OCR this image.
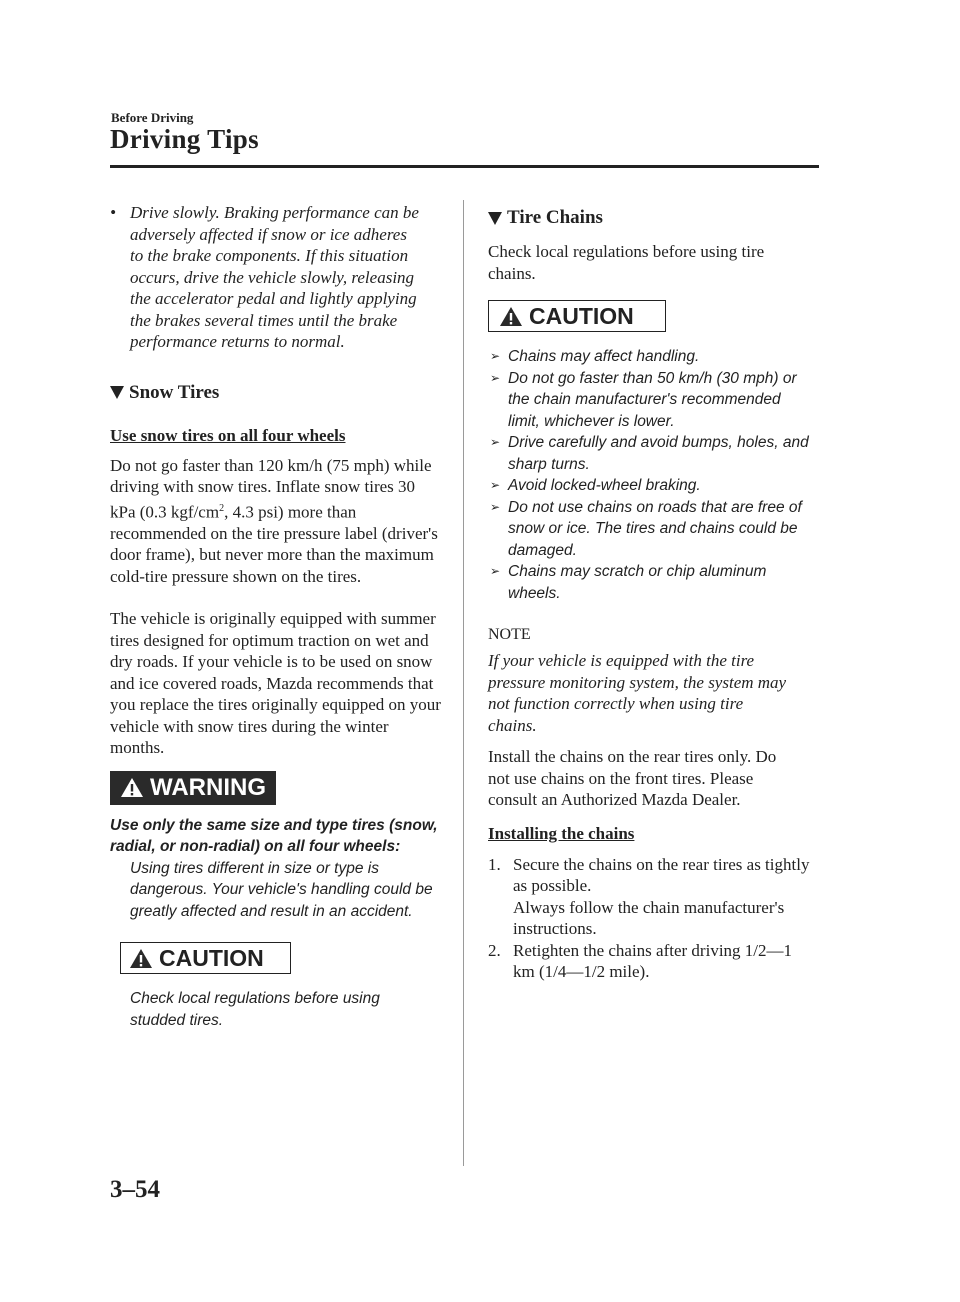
Before Driving
Driving Tips
• Drive slowly. Braking performance can be adversely affected if snow or ice adheres to the brake components. If this situation occurs, drive the vehicle slowly, releasing the accelerator pedal and lightly applying the brakes several times until the brake performance returns to normal.
Snow Tires
Use snow tires on all four wheels

Do not go faster than 120 km/h (75 mph) while driving with snow tires. Inflate snow tires 30 kPa (0.3 kgf/$cm^2$, 4.3 psi) more than recommended on the tire pressure label (driver's door frame), but never more than the maximum cold-tire pressure shown on the tires.

The vehicle is originally equipped with summer tires designed for optimum traction on wet and dry roads. If your vehicle is to be used on snow and ice covered roads, Mazda recommends that you replace the tires originally equipped on your vehicle with snow tires during the winter months.

WARNING
Use only the same size and type tires (snow, radial, or non-radial) on all four wheels:
Using tires different in size or type is dangerous. Your vehicle's handling could be greatly affected and result in an accident.
CAUTION
Check local regulations before using studded tires.
Tire Chains

Check local regulations before using tire chains.

CAUTION
➢ Chains may affect handling.
➢ Do not go faster than 50 km/h (30 mph) or the chain manufacturer's recommended limit, whichever is lower.
➢ Drive carefully and avoid bumps, holes, and sharp turns.
➢ Avoid locked-wheel braking.
➢ Do not use chains on roads that are free of snow or ice. The tires and chains could be damaged.
➢ Chains may scratch or chip aluminum wheels.
NOTE

If your vehicle is equipped with the tire pressure monitoring system, the system may not function correctly when using tire chains.

Install the chains on the rear tires only. Do not use chains on the front tires. Please consult an Authorized Mazda Dealer.

Installing the chains
1. Secure the chains on the rear tires as tightly as possible.
Always follow the chain manufacturer's instructions.
2. Retighten the chains after driving 1/2—1 km (1/4—1/2 mile).
3–54
